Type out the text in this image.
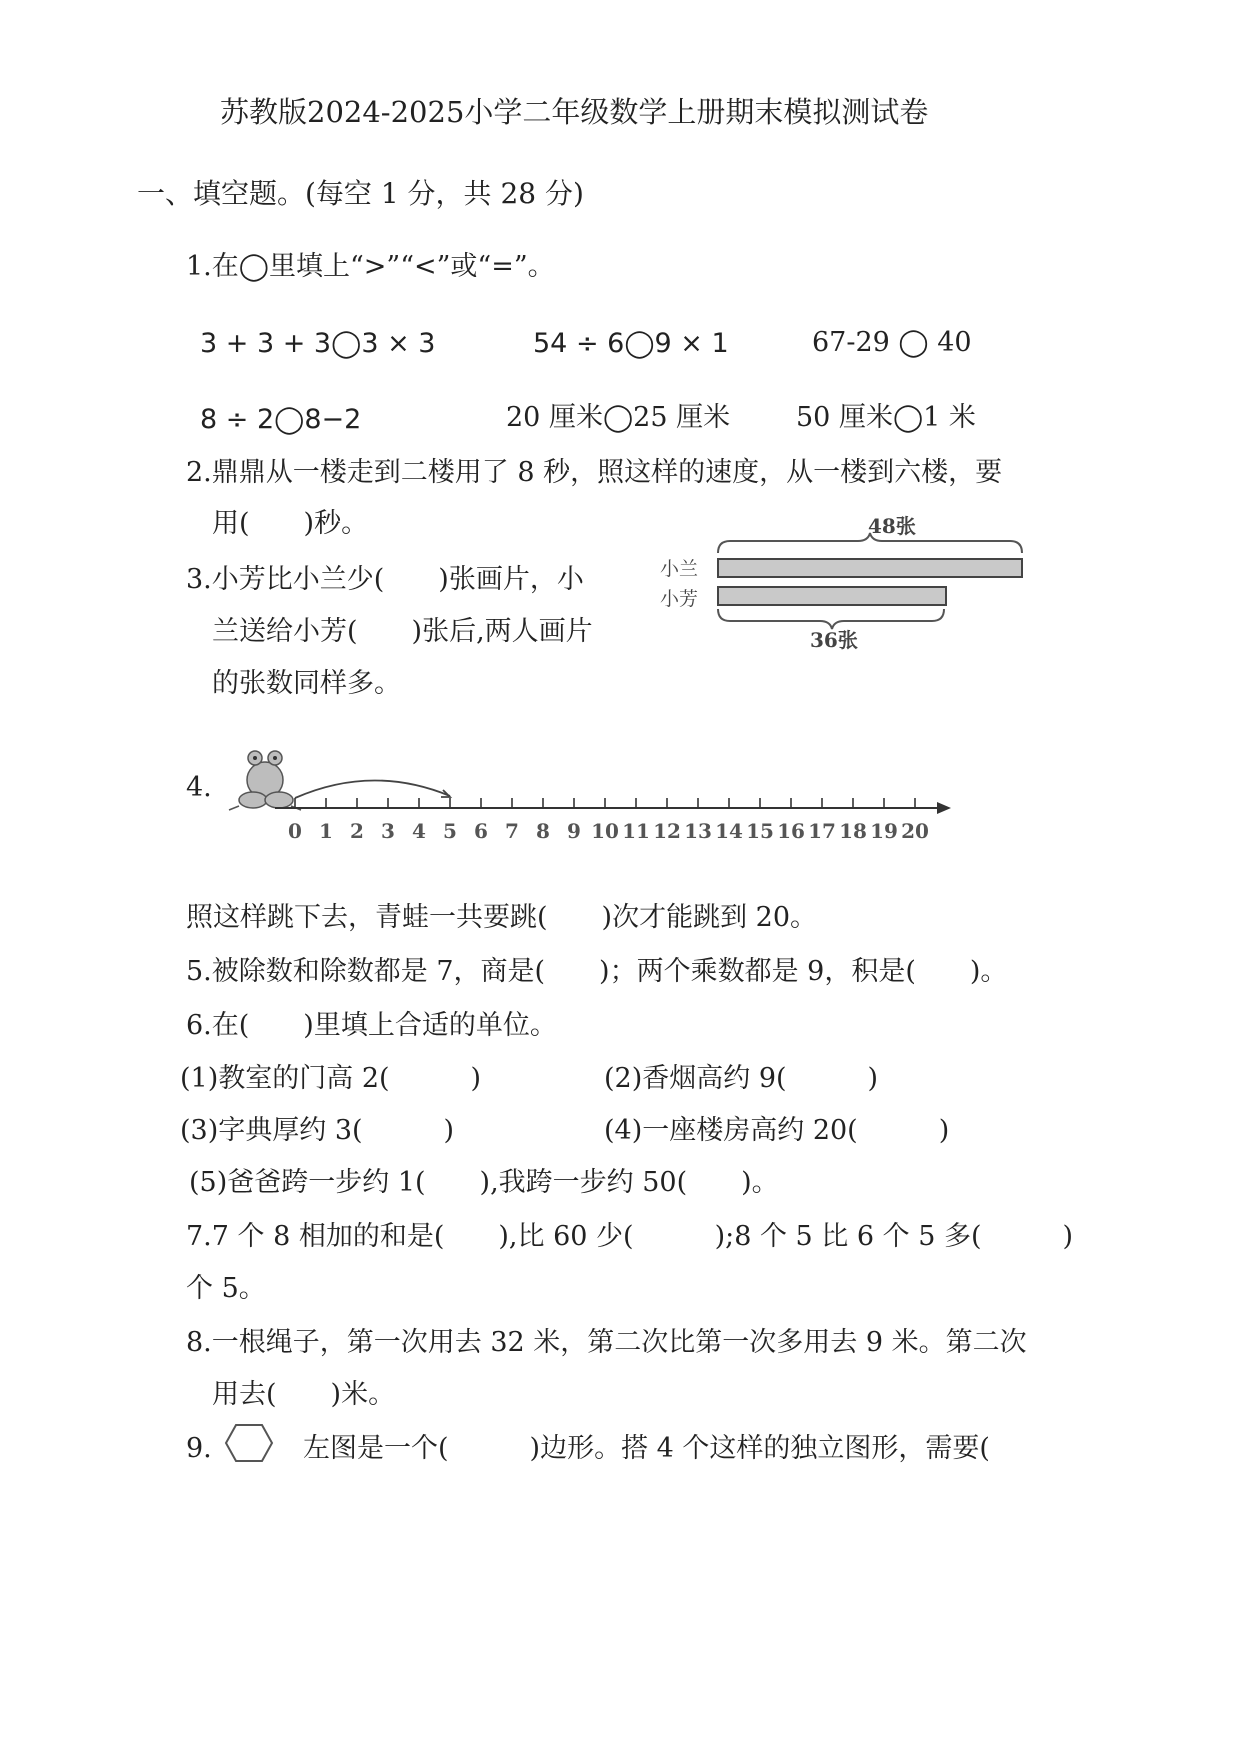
苏教版2024-2025小学二年级数学上册期末模拟测试卷
一、填空题。(每空 1 分，共 28 分)
1.在◯里填上“>”“<”或“=”。
3 + 3 + 3◯3 × 3	54 ÷ 6◯9 × 1	67-29 ◯ 40
8 ÷ 2◯8−2	20 厘米◯25 厘米 50 厘米◯1 米
2.鼎鼎从一楼走到二楼用了 8 秒，照这样的速度，从一楼到六楼，要
用(　　)秒。
3.小芳比小兰少(　　)张画片，小
兰送给小芳(　　)张后,两人画片
的张数同样多。
48张
小兰
小芳
36张
4.
0 1 2 3 4 5 6 7 8 9 10 11 12 13 14 15 16 17 18 19 20
照这样跳下去，青蛙一共要跳(　　)次才能跳到 20。
5.被除数和除数都是 7，商是(　　)；两个乘数都是 9，积是(　　)。
6.在(　　)里填上合适的单位。
(1)教室的门高 2(　　　)	(2)香烟高约 9(　　　)
(3)字典厚约 3(　　　)	(4)一座楼房高约 20(　　　)
(5)爸爸跨一步约 1(　　),我跨一步约 50(　　)。
7.7 个 8 相加的和是(　　),比 60 少(　　　);8 个 5 比 6 个 5 多(　　　)
个 5。
8.一根绳子，第一次用去 32 米，第二次比第一次多用去 9 米。第二次
用去(　　)米。
9.	左图是一个(　　　)边形。搭 4 个这样的独立图形，需要(
